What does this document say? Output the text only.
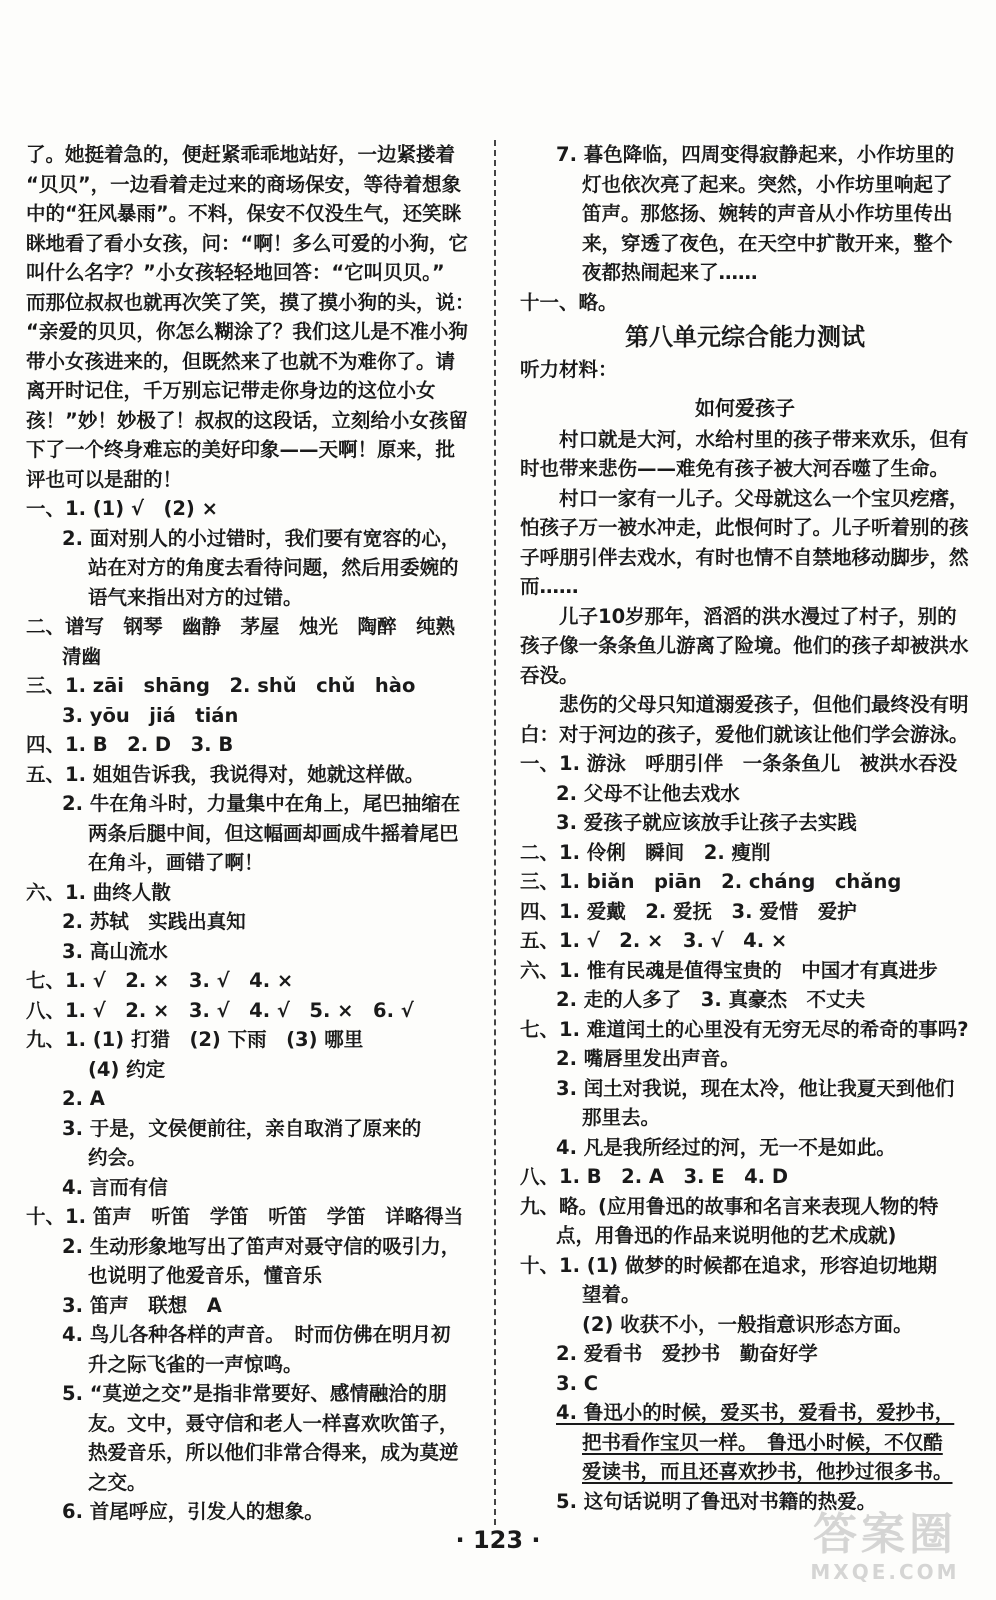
了。她挺着急的，便赶紧乖乖地站好，一边紧搂着
“贝贝”，一边看着走过来的商场保安，等待着想象
中的“狂风暴雨”。不料，保安不仅没生气，还笑眯
眯地看了看小女孩，问：“啊！多么可爱的小狗，它
叫什么名字？”小女孩轻轻地回答：“它叫贝贝。”
而那位叔叔也就再次笑了笑，摸了摸小狗的头，说：
“亲爱的贝贝，你怎么糊涂了？我们这儿是不准小狗
带小女孩进来的，但既然来了也就不为难你了。请
离开时记住，千万别忘记带走你身边的这位小女
孩！”妙！妙极了！叔叔的这段话，立刻给小女孩留
下了一个终身难忘的美好印象——天啊！原来，批
评也可以是甜的！
一、1. (1) √　(2) ×
2. 面对别人的小过错时，我们要有宽容的心，
站在对方的角度去看待问题，然后用委婉的
语气来指出对方的过错。
二、谱写　钢琴　幽静　茅屋　烛光　陶醉　纯熟
清幽
三、1. zāi　shāng　2. shǔ　chǔ　hào
3. yōu　jiá　tián
四、1. B　2. D　3. B
五、1. 姐姐告诉我，我说得对，她就这样做。
2. 牛在角斗时，力量集中在角上，尾巴抽缩在
两条后腿中间，但这幅画却画成牛摇着尾巴
在角斗，画错了啊！
六、1. 曲终人散
2. 苏轼　实践出真知
3. 高山流水
七、1. √　2. ×　3. √　4. ×
八、1. √　2. ×　3. √　4. √　5. ×　6. √
九、1. (1) 打猎　(2) 下雨　(3) 哪里
(4) 约定
2. A
3. 于是，文侯便前往，亲自取消了原来的
约会。
4. 言而有信
十、1. 笛声　听笛　学笛　听笛　学笛　详略得当
2. 生动形象地写出了笛声对聂守信的吸引力，
也说明了他爱音乐，懂音乐
3. 笛声　联想　A
4. 鸟儿各种各样的声音。　时而仿佛在明月初
升之际飞雀的一声惊鸣。
5. “莫逆之交”是指非常要好、感情融洽的朋
友。文中，聂守信和老人一样喜欢吹笛子，
热爱音乐，所以他们非常合得来，成为莫逆
之交。
6. 首尾呼应，引发人的想象。
7. 暮色降临，四周变得寂静起来，小作坊里的
灯也依次亮了起来。突然，小作坊里响起了
笛声。那悠扬、婉转的声音从小作坊里传出
来，穿透了夜色，在天空中扩散开来，整个
夜都热闹起来了……
十一、略。
第八单元综合能力测试
听力材料：
如何爱孩子
村口就是大河，水给村里的孩子带来欢乐，但有时也带来悲伤——难免有孩子被大河吞噬了生命。
村口一家有一儿子。父母就这么一个宝贝疙瘩，怕孩子万一被水冲走，此恨何时了。儿子听着别的孩子呼朋引伴去戏水，有时也情不自禁地移动脚步，然而……
儿子10岁那年，滔滔的洪水漫过了村子，别的孩子像一条条鱼儿游离了险境。他们的孩子却被洪水吞没。
悲伤的父母只知道溺爱孩子，但他们最终没有明白：对于河边的孩子，爱他们就该让他们学会游泳。
一、1. 游泳　呼朋引伴　一条条鱼儿　被洪水吞没
2. 父母不让他去戏水
3. 爱孩子就应该放手让孩子去实践
二、1. 伶俐　瞬间　2. 瘦削
三、1. biǎn　piān　2. cháng　chǎng
四、1. 爱戴　2. 爱抚　3. 爱惜　爱护
五、1. √　2. ×　3. √　4. ×
六、1. 惟有民魂是值得宝贵的　中国才有真进步
2. 走的人多了　3. 真豪杰　不丈夫
七、1. 难道闰土的心里没有无穷无尽的希奇的事吗?
2. 嘴唇里发出声音。
3. 闰土对我说，现在太冷，他让我夏天到他们
那里去。
4. 凡是我所经过的河，无一不是如此。
八、1. B　2. A　3. E　4. D
九、略。(应用鲁迅的故事和名言来表现人物的特
点，用鲁迅的作品来说明他的艺术成就)
十、1. (1) 做梦的时候都在追求，形容迫切地期
望着。
(2) 收获不小，一般指意识形态方面。
2. 爱看书　爱抄书　勤奋好学
3. C
4. 鲁迅小的时候，爱买书，爱看书，爱抄书，
把书看作宝贝一样。　鲁迅小时候，不仅酷
爱读书，而且还喜欢抄书，他抄过很多书。
5. 这句话说明了鲁迅对书籍的热爱。
· 123 ·	答案圈
MXQE.COM
